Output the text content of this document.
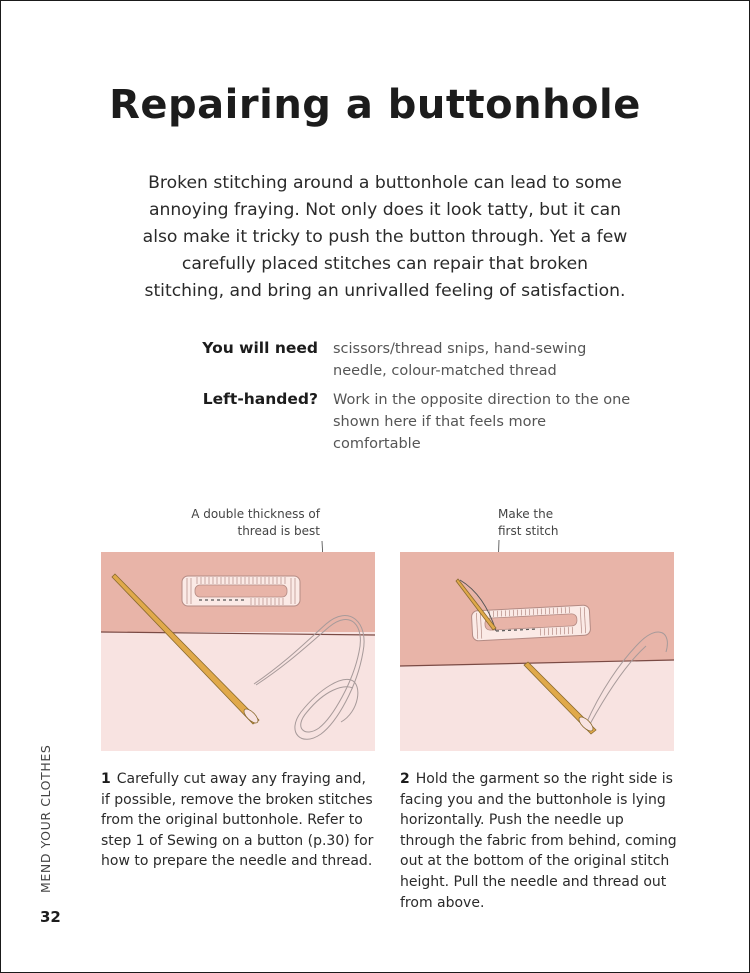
Repairing a buttonhole

Broken stitching around a buttonhole can lead to some annoying fraying. Not only does it look tatty, but it can also make it tricky to push the button through. Yet a few carefully placed stitches can repair that broken stitching, and bring an unrivalled feeling of satisfaction.

You will need scissors/thread snips, hand-sewing needle, colour-matched thread
Left-handed? Work in the opposite direction to the one shown here if that feels more comfortable
A double thickness of thread is best
Make the first stitch
1 Carefully cut away any fraying and, if possible, remove the broken stitches from the original buttonhole. Refer to step 1 of Sewing on a button (p.30) for how to prepare the needle and thread.
2 Hold the garment so the right side is facing you and the buttonhole is lying horizontally. Push the needle up through the fabric from behind, coming out at the bottom of the original stitch height. Pull the needle and thread out from above.
MEND YOUR CLOTHES
32
